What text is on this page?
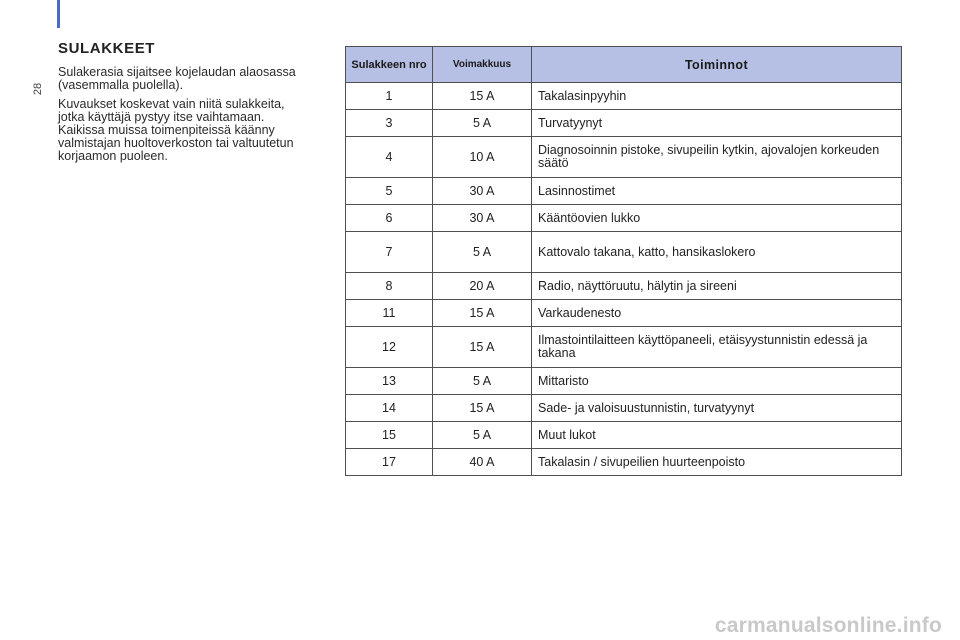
28
SULAKKEET

Sulakerasia sijaitsee kojelaudan alaosassa (vasemmalla puolella).

Kuvaukset koskevat vain niitä sulakkeita, jotka käyttäjä pystyy itse vaihtamaan. Kaikissa muissa toimenpiteissä käänny valmistajan huoltoverkoston tai valtuutetun korjaamon puoleen.

Sulakkeen nro	Voimakkuus	Toiminnot
1	15 A	Takalasinpyyhin
3	5 A	Turvatyynyt
4	10 A	Diagnosoinnin pistoke, sivupeilin kytkin, ajovalojen korkeuden säätö
5	30 A	Lasinnostimet
6	30 A	Kääntöovien lukko
7	5 A	Kattovalo takana, katto, hansikaslokero
8	20 A	Radio, näyttöruutu, hälytin ja sireeni
11	15 A	Varkaudenesto
12	15 A	Ilmastointilaitteen käyttöpaneeli, etäisyystunnistin edessä ja takana
13	5 A	Mittaristo
14	15 A	Sade- ja valoisuustunnistin, turvatyynyt
15	5 A	Muut lukot
17	40 A	Takalasin / sivupeilien huurteenpoisto
carmanualsonline.info
